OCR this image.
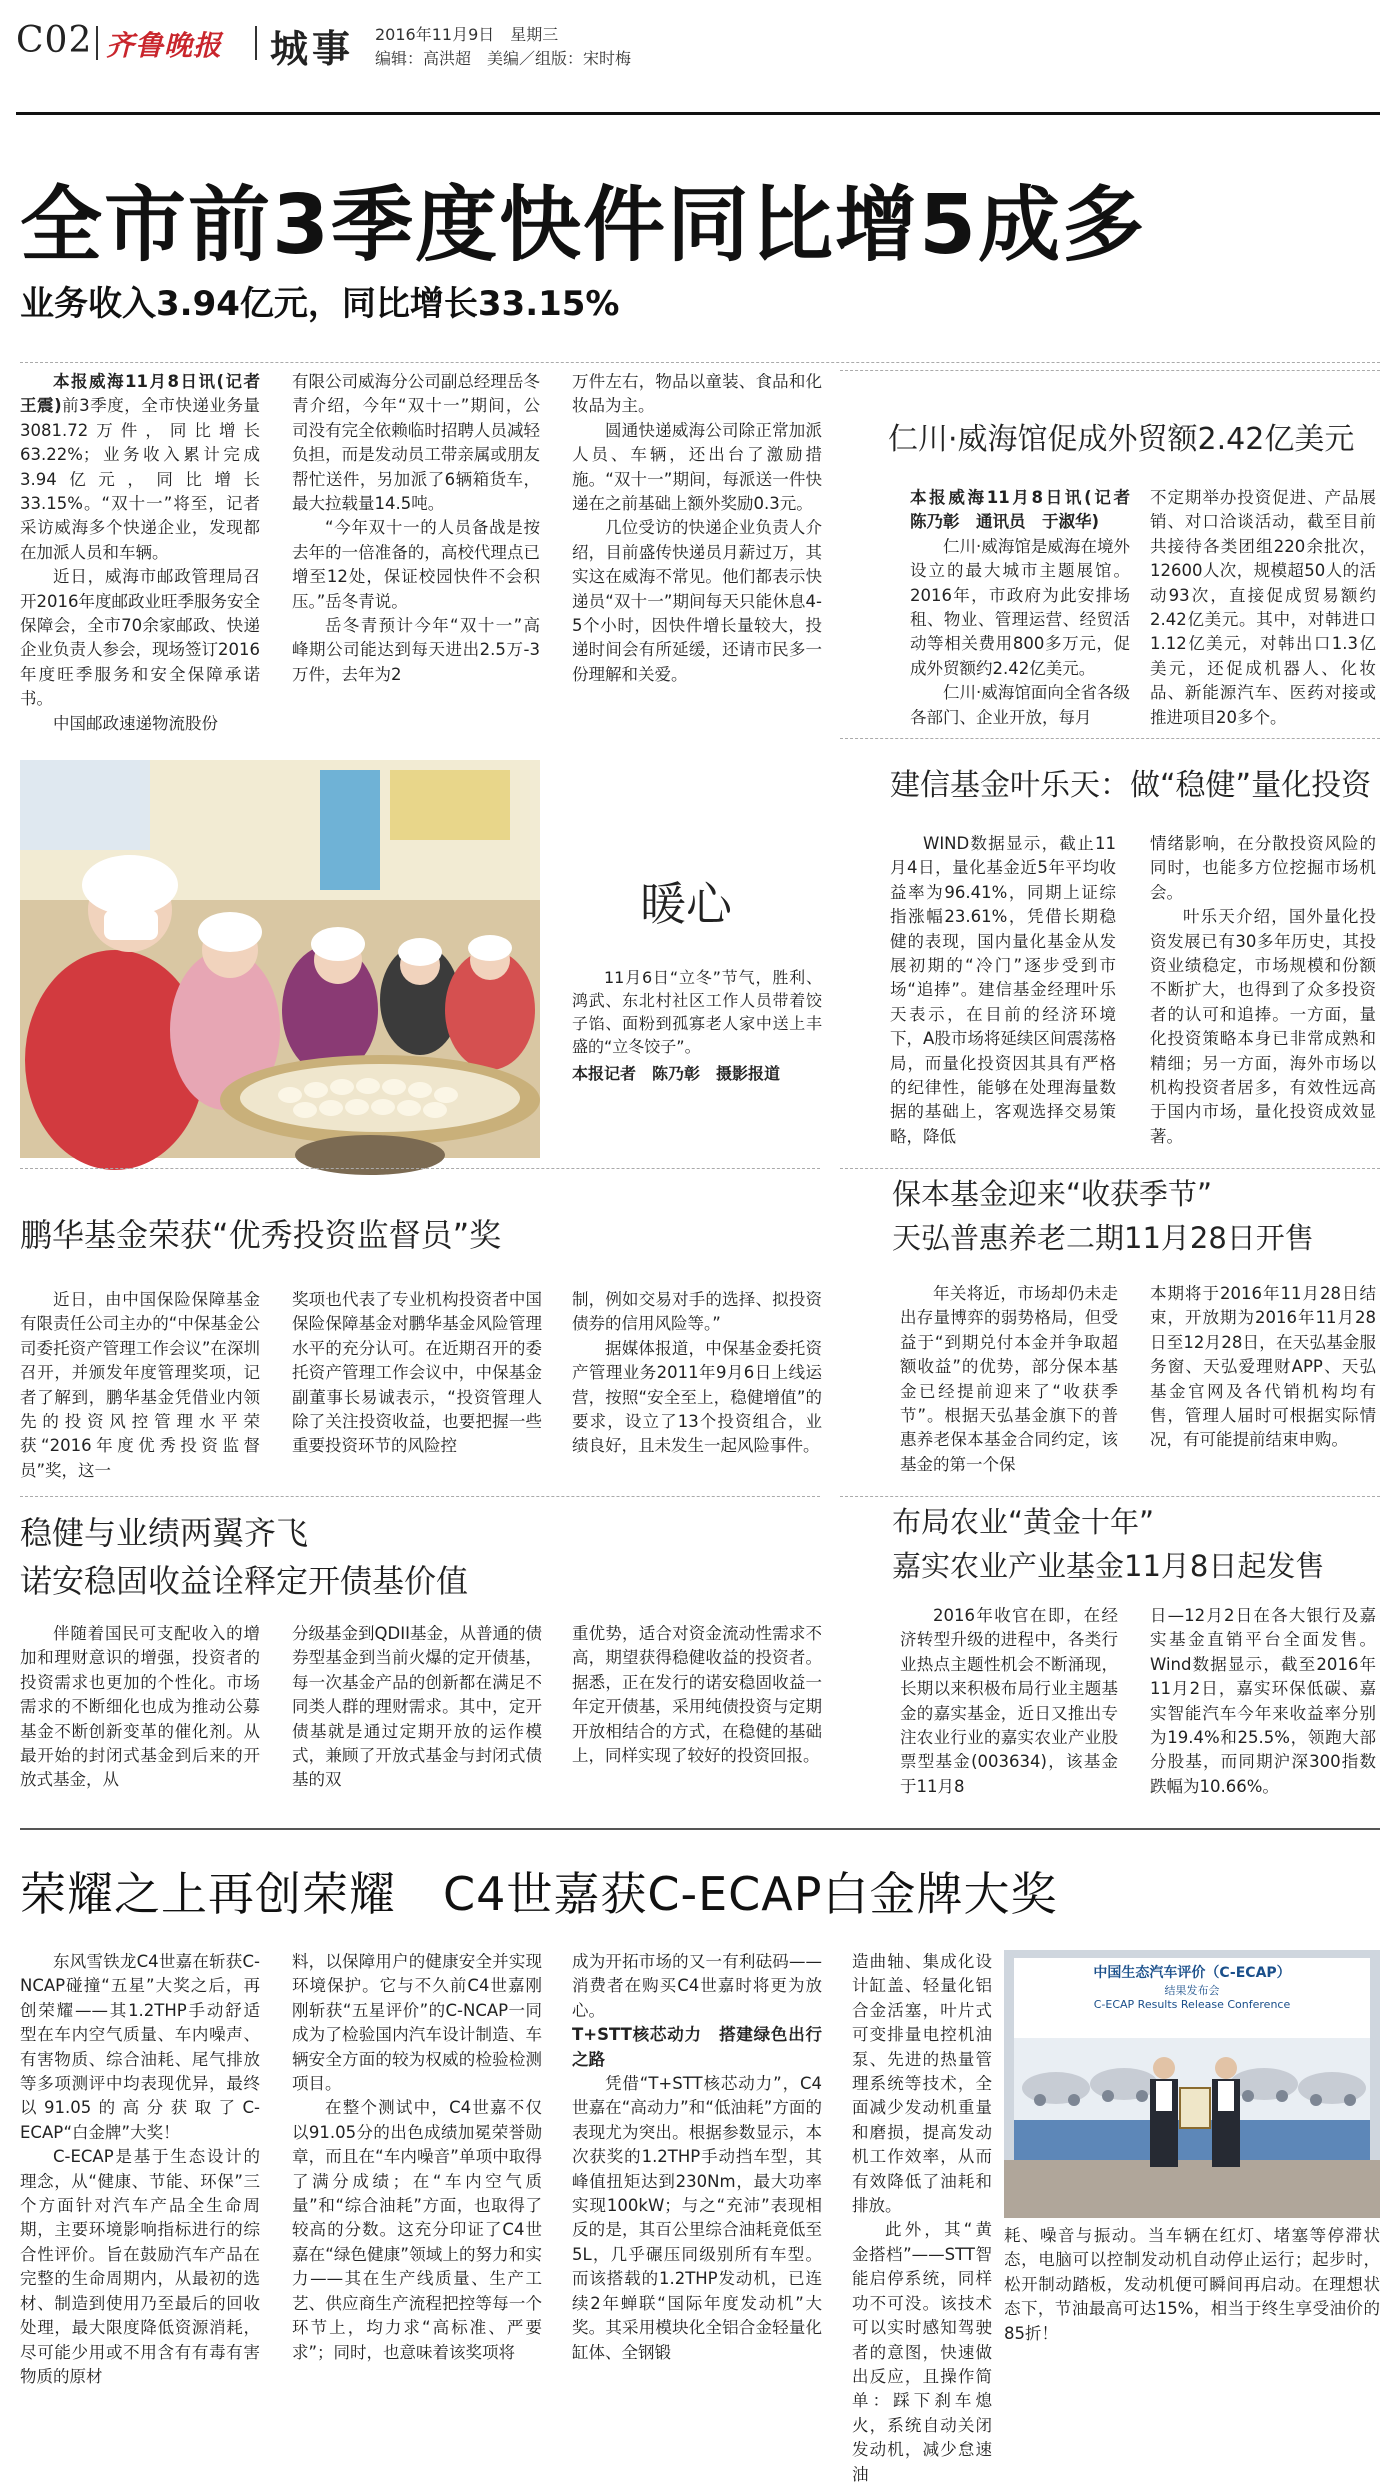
C02 齐鲁晚报 城事 2016年11月9日　星期三
编辑：高洪超　美编／组版：宋时梅
全市前3季度快件同比增5成多
业务收入3.94亿元，同比增长33.15%

本报威海11月8日讯(记者　王震)前3季度，全市快递业务量3081.72万件，同比增长63.22%；业务收入累计完成3.94亿元，同比增长33.15%。“双十一”将至，记者采访威海多个快递企业，发现都在加派人员和车辆。

近日，威海市邮政管理局召开2016年度邮政业旺季服务安全保障会，全市70余家邮政、快递企业负责人参会，现场签订2016年度旺季服务和安全保障承诺书。

中国邮政速递物流股份

有限公司威海分公司副总经理岳冬青介绍，今年“双十一”期间，公司没有完全依赖临时招聘人员减轻负担，而是发动员工带亲属或朋友帮忙送件，另加派了6辆箱货车，最大拉载量14.5吨。

“今年双十一的人员备战是按去年的一倍准备的，高校代理点已增至12处，保证校园快件不会积压。”岳冬青说。

岳冬青预计今年“双十一”高峰期公司能达到每天进出2.5万-3万件，去年为2

万件左右，物品以童装、食品和化妆品为主。

圆通快递威海公司除正常加派人员、车辆，还出台了激励措施。“双十一”期间，每派送一件快递在之前基础上额外奖励0.3元。

几位受访的快递企业负责人介绍，目前盛传快递员月薪过万，其实这在威海不常见。他们都表示快递员“双十一”期间每天只能休息4-5个小时，因快件增长量较大，投递时间会有所延缓，还请市民多一份理解和关爱。

暖心

11月6日“立冬”节气，胜利、鸿武、东北村社区工作人员带着饺子馅、面粉到孤寡老人家中送上丰盛的“立冬饺子”。

本报记者　陈乃彰　摄影报道

仁川·威海馆促成外贸额2.42亿美元

本报威海11月8日讯(记者　陈乃彰　通讯员　于淑华)

仁川·威海馆是威海在境外设立的最大城市主题展馆。2016年，市政府为此安排场租、物业、管理运营、经贸活动等相关费用800多万元，促成外贸额约2.42亿美元。

仁川·威海馆面向全省各级各部门、企业开放，每月

不定期举办投资促进、产品展销、对口洽谈活动，截至目前共接待各类团组220余批次，12600人次，规模超50人的活动93次，直接促成贸易额约2.42亿美元。其中，对韩进口1.12亿美元，对韩出口1.3亿美元，还促成机器人、化妆品、新能源汽车、医药对接或推进项目20多个。

建信基金叶乐天：做“稳健”量化投资

WIND数据显示，截止11月4日，量化基金近5年平均收益率为96.41%，同期上证综指涨幅23.61%，凭借长期稳健的表现，国内量化基金从发展初期的“冷门”逐步受到市场“追捧”。建信基金经理叶乐天表示，在目前的经济环境下，A股市场将延续区间震荡格局，而量化投资因其具有严格的纪律性，能够在处理海量数据的基础上，客观选择交易策略，降低

情绪影响，在分散投资风险的同时，也能多方位挖掘市场机会。

叶乐天介绍，国外量化投资发展已有30多年历史，其投资业绩稳定，市场规模和份额不断扩大，也得到了众多投资者的认可和追捧。一方面，量化投资策略本身已非常成熟和精细；另一方面，海外市场以机构投资者居多，有效性远高于国内市场，量化投资成效显著。

鹏华基金荣获“优秀投资监督员”奖

近日，由中国保险保障基金有限责任公司主办的“中保基金公司委托资产管理工作会议”在深圳召开，并颁发年度管理奖项，记者了解到，鹏华基金凭借业内领先的投资风控管理水平荣获“2016年度优秀投资监督员”奖，这一

奖项也代表了专业机构投资者中国保险保障基金对鹏华基金风险管理水平的充分认可。在近期召开的委托资产管理工作会议中，中保基金副董事长易诚表示，“投资管理人除了关注投资收益，也要把握一些重要投资环节的风险控

制，例如交易对手的选择、拟投资债券的信用风险等。”

据媒体报道，中保基金委托资产管理业务2011年9月6日上线运营，按照“安全至上，稳健增值”的要求，设立了13个投资组合，业绩良好，且未发生一起风险事件。

保本基金迎来“收获季节”
天弘普惠养老二期11月28日开售

年关将近，市场却仍未走出存量博弈的弱势格局，但受益于“到期兑付本金并争取超额收益”的优势，部分保本基金已经提前迎来了“收获季节”。根据天弘基金旗下的普惠养老保本基金合同约定，该基金的第一个保

本期将于2016年11月28日结束，开放期为2016年11月28日至12月28日，在天弘基金服务窗、天弘爱理财APP、天弘基金官网及各代销机构均有售，管理人届时可根据实际情况，有可能提前结束申购。

稳健与业绩两翼齐飞
诺安稳固收益诠释定开债基价值

伴随着国民可支配收入的增加和理财意识的增强，投资者的投资需求也更加的个性化。市场需求的不断细化也成为推动公募基金不断创新变革的催化剂。从最开始的封闭式基金到后来的开放式基金，从

分级基金到QDII基金，从普通的债券型基金到当前火爆的定开债基，每一次基金产品的创新都在满足不同类人群的理财需求。其中，定开债基就是通过定期开放的运作模式，兼顾了开放式基金与封闭式债基的双

重优势，适合对资金流动性需求不高，期望获得稳健收益的投资者。据悉，正在发行的诺安稳固收益一年定开债基，采用纯债投资与定期开放相结合的方式，在稳健的基础上，同样实现了较好的投资回报。

布局农业“黄金十年”
嘉实农业产业基金11月8日起发售

2016年收官在即，在经济转型升级的进程中，各类行业热点主题性机会不断涌现，长期以来积极布局行业主题基金的嘉实基金，近日又推出专注农业行业的嘉实农业产业股票型基金(003634)，该基金于11月8

日—12月2日在各大银行及嘉实基金直销平台全面发售。Wind数据显示，截至2016年11月2日，嘉实环保低碳、嘉实智能汽车今年来收益率分别为19.4%和25.5%，领跑大部分股基，而同期沪深300指数跌幅为10.66%。

荣耀之上再创荣耀　C4世嘉获C-ECAP白金牌大奖

东风雪铁龙C4世嘉在斩获C-NCAP碰撞“五星”大奖之后，再创荣耀——其1.2THP手动舒适型在车内空气质量、车内噪声、有害物质、综合油耗、尾气排放等多项测评中均表现优异，最终以91.05的高分获取了C-ECAP“白金牌”大奖！

C-ECAP是基于生态设计的理念，从“健康、节能、环保”三个方面针对汽车产品全生命周期，主要环境影响指标进行的综合性评价。旨在鼓励汽车产品在完整的生命周期内，从最初的选材、制造到使用乃至最后的回收处理，最大限度降低资源消耗，尽可能少用或不用含有有毒有害物质的原材

料，以保障用户的健康安全并实现环境保护。它与不久前C4世嘉刚刚斩获“五星评价”的C-NCAP一同成为了检验国内汽车设计制造、车辆安全方面的较为权威的检验检测项目。

在整个测试中，C4世嘉不仅以91.05分的出色成绩加冕荣誉勋章，而且在“车内噪音”单项中取得了满分成绩；在“车内空气质量”和“综合油耗”方面，也取得了较高的分数。这充分印证了C4世嘉在“绿色健康”领域上的努力和实力——其在生产线质量、生产工艺、供应商生产流程把控等每一个环节上，均力求“高标准、严要求”；同时，也意味着该奖项将

成为开拓市场的又一有利砝码——消费者在购买C4世嘉时将更为放心。

T+STT核芯动力　搭建绿色出行之路

凭借“T+STT核芯动力”，C4世嘉在“高动力”和“低油耗”方面的表现尤为突出。根据参数显示，本次获奖的1.2THP手动挡车型，其峰值扭矩达到230Nm，最大功率实现100kW；与之“充沛”表现相反的是，其百公里综合油耗竟低至5L，几乎碾压同级别所有车型。而该搭载的1.2THP发动机，已连续2年蝉联“国际年度发动机”大奖。其采用模块化全铝合金轻量化缸体、全钢锻

造曲轴、集成化设计缸盖、轻量化铝合金活塞，叶片式可变排量电控机油泵、先进的热量管理系统等技术，全面减少发动机重量和磨损，提高发动机工作效率，从而有效降低了油耗和排放。

此外，其“黄金搭档”——STT智能启停系统，同样功不可没。该技术可以实时感知驾驶者的意图，快速做出反应，且操作简单：踩下刹车熄火，系统自动关闭发动机，减少怠速油

中国生态汽车评价（C-ECAP）
结果发布会
C-ECAP Results Release Conference

耗、噪音与振动。当车辆在红灯、堵塞等停滞状态，电脑可以控制发动机自动停止运行；起步时，松开制动踏板，发动机便可瞬间再启动。在理想状态下，节油最高可达15%，相当于终生享受油价的85折！
